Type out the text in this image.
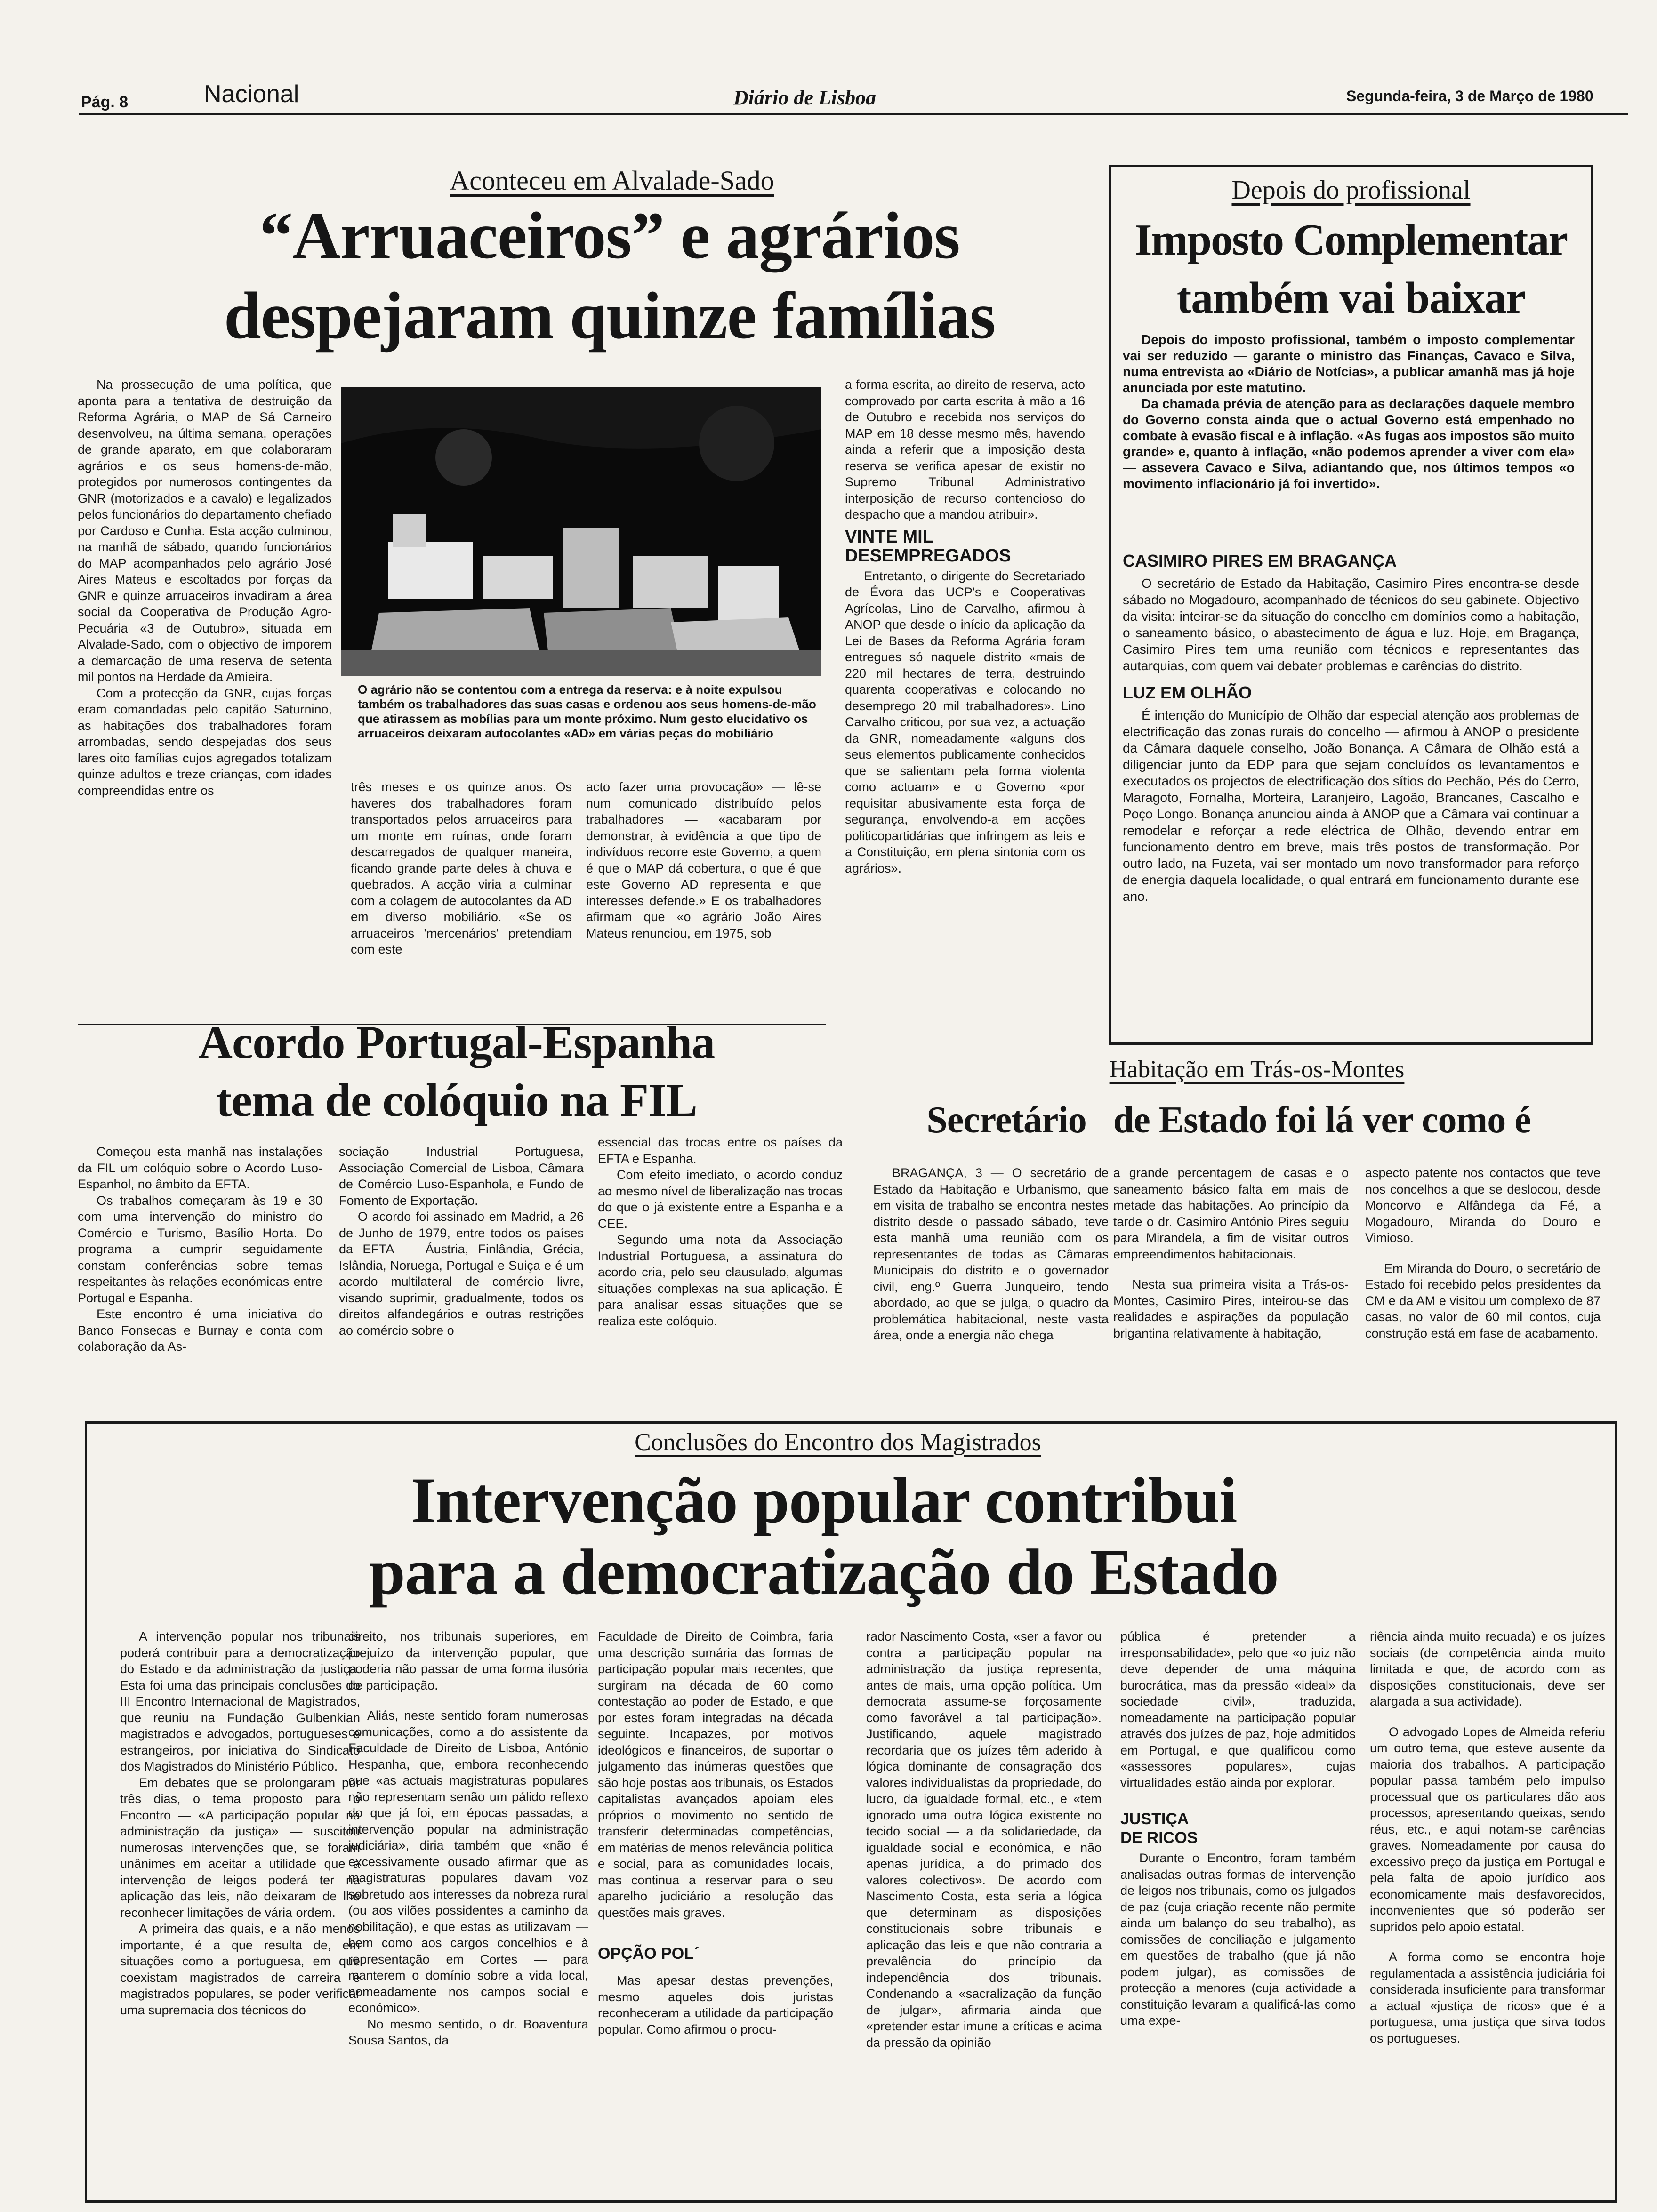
Pág. 8	Nacional	Diário de Lisboa	Segunda-feira, 3 de Março de 1980
Aconteceu em Alvalade-Sado
“Arruaceiros” e agrários
despejaram quinze famílias

Na prossecução de uma política, que aponta para a tentativa de destruição da Reforma Agrária, o MAP de Sá Carneiro desenvolveu, na última semana, operações de grande aparato, em que colaboraram agrários e os seus homens-de-mão, protegidos por numerosos contingentes da GNR (motorizados e a cavalo) e legalizados pelos funcionários do departamento chefiado por Cardoso e Cunha. Esta acção culminou, na manhã de sábado, quando funcionários do MAP acompanhados pelo agrário José Aires Mateus e escoltados por forças da GNR e quinze arruaceiros invadiram a área social da Cooperativa de Produção Agro-Pecuária «3 de Outubro», situada em Alvalade-Sado, com o objectivo de imporem a demarcação de uma reserva de setenta mil pontos na Herdade da Amieira.

Com a protecção da GNR, cujas forças eram comandadas pelo capitão Saturnino, as habitações dos trabalhadores foram arrombadas, sendo despejadas dos seus lares oito famílias cujos agregados totalizam quinze adultos e treze crianças, com idades compreendidas entre os

O agrário não se contentou com a entrega da reserva: e à noite expulsou também os trabalhadores das suas casas e ordenou aos seus homens-de-mão que atirassem as mobílias para um monte próximo. Num gesto elucidativo os arruaceiros deixaram autocolantes «AD» em várias peças do mobiliário

três meses e os quinze anos. Os haveres dos trabalhadores foram transportados pelos arruaceiros para um monte em ruínas, onde foram descarregados de qualquer maneira, ficando grande parte deles à chuva e quebrados. A acção viria a culminar com a colagem de autocolantes da AD em diverso mobiliário. «Se os arruaceiros 'mercenários' pretendiam com este

acto fazer uma provocação» — lê-se num comunicado distribuído pelos trabalhadores — «acabaram por demonstrar, à evidência a que tipo de indivíduos recorre este Governo, a quem é que o MAP dá cobertura, o que é que este Governo AD representa e que interesses defende.» E os trabalhadores afirmam que «o agrário João Aires Mateus renunciou, em 1975, sob

a forma escrita, ao direito de reserva, acto comprovado por carta escrita à mão a 16 de Outubro e recebida nos serviços do MAP em 18 desse mesmo mês, havendo ainda a referir que a imposição desta reserva se verifica apesar de existir no Supremo Tribunal Administrativo interposição de recurso contencioso do despacho que a mandou atribuir».

VINTE MIL DESEMPREGADOS

Entretanto, o dirigente do Secretariado de Évora das UCP's e Cooperativas Agrícolas, Lino de Carvalho, afirmou à ANOP que desde o início da aplicação da Lei de Bases da Reforma Agrária foram entregues só naquele distrito «mais de 220 mil hectares de terra, destruindo quarenta cooperativas e colocando no desemprego 20 mil trabalhadores». Lino Carvalho criticou, por sua vez, a actuação da GNR, nomeadamente «alguns dos seus elementos publicamente conhecidos que se salientam pela forma violenta como actuam» e o Governo «por requisitar abusivamente esta força de segurança, envolvendo-a em acções politicopartidárias que infringem as leis e a Constituição, em plena sintonia com os agrários».

Depois do profissional
Imposto Complementar
também vai baixar

Depois do imposto profissional, também o imposto complementar vai ser reduzido — garante o ministro das Finanças, Cavaco e Silva, numa entrevista ao «Diário de Notícias», a publicar amanhã mas já hoje anunciada por este matutino.

Da chamada prévia de atenção para as declarações daquele membro do Governo consta ainda que o actual Governo está empenhado no combate à evasão fiscal e à inflação. «As fugas aos impostos são muito grande» e, quanto à inflação, «não podemos aprender a viver com ela» — assevera Cavaco e Silva, adiantando que, nos últimos tempos «o movimento inflacionário já foi invertido».

CASIMIRO PIRES EM BRAGANÇA

O secretário de Estado da Habitação, Casimiro Pires encontra-se desde sábado no Mogadouro, acompanhado de técnicos do seu gabinete. Objectivo da visita: inteirar-se da situação do concelho em domínios como a habitação, o saneamento básico, o abastecimento de água e luz. Hoje, em Bragança, Casimiro Pires tem uma reunião com técnicos e representantes das autarquias, com quem vai debater problemas e carências do distrito.

LUZ EM OLHÃO

É intenção do Município de Olhão dar especial atenção aos problemas de electrificação das zonas rurais do concelho — afirmou à ANOP o presidente da Câmara daquele conselho, João Bonança. A Câmara de Olhão está a diligenciar junto da EDP para que sejam concluídos os levantamentos e executados os projectos de electrificação dos sítios do Pechão, Pés do Cerro, Maragoto, Fornalha, Morteira, Laranjeiro, Lagoão, Brancanes, Cascalho e Poço Longo. Bonança anunciou ainda à ANOP que a Câmara vai continuar a remodelar e reforçar a rede eléctrica de Olhão, devendo entrar em funcionamento dentro em breve, mais três postos de transformação. Por outro lado, na Fuzeta, vai ser montado um novo transformador para reforço de energia daquela localidade, o qual entrará em funcionamento durante ese ano.

Acordo Portugal-Espanha
tema de colóquio na FIL

Começou esta manhã nas instalações da FIL um colóquio sobre o Acordo Luso-Espanhol, no âmbito da EFTA.

Os trabalhos começaram às 19 e 30 com uma intervenção do ministro do Comércio e Turismo, Basílio Horta. Do programa a cumprir seguidamente constam conferências sobre temas respeitantes às relações económicas entre Portugal e Espanha.

Este encontro é uma iniciativa do Banco Fonsecas e Burnay e conta com colaboração da As-

sociação Industrial Portuguesa, Associação Comercial de Lisboa, Câmara de Comércio Luso-Espanhola, e Fundo de Fomento de Exportação.

O acordo foi assinado em Madrid, a 26 de Junho de 1979, entre todos os países da EFTA — Áustria, Finlândia, Grécia, Islândia, Noruega, Portugal e Suiça e é um acordo multilateral de comércio livre, visando suprimir, gradualmente, todos os direitos alfandegários e outras restrições ao comércio sobre o

essencial das trocas entre os países da EFTA e Espanha.

Com efeito imediato, o acordo conduz ao mesmo nível de liberalização nas trocas do que o já existente entre a Espanha e a CEE.

Segundo uma nota da Associação Industrial Portuguesa, a assinatura do acordo cria, pelo seu clausulado, algumas situações complexas na sua aplicação. É para analisar essas situações que se realiza este colóquio.

Habitação em Trás-os-Montes
Secretário   de Estado foi lá ver como é

BRAGANÇA, 3 — O secretário de Estado da Habitação e Urbanismo, que em visita de trabalho se encontra nestes distrito desde o passado sábado, teve esta manhã uma reunião com os representantes de todas as Câmaras Municipais do distrito e o governador civil, eng.º Guerra Junqueiro, tendo abordado, ao que se julga, o quadro da problemática habitacional, neste vasta área, onde a energia não chega

a grande percentagem de casas e o saneamento básico falta em mais de metade das habitações. Ao princípio da tarde o dr. Casimiro António Pires seguiu para Mirandela, a fim de visitar outros empreendimentos habitacionais.

Nesta sua primeira visita a Trás-os-Montes, Casimiro Pires, inteirou-se das realidades e aspirações da população brigantina relativamente à habitação,

aspecto patente nos contactos que teve nos concelhos a que se deslocou, desde Moncorvo e Alfândega da Fé, a Mogadouro, Miranda do Douro e Vimioso.

Em Miranda do Douro, o secretário de Estado foi recebido pelos presidentes da CM e da AM e visitou um complexo de 87 casas, no valor de 60 mil contos, cuja construção está em fase de acabamento.

Conclusões do Encontro dos Magistrados
Intervenção popular contribui
para a democratização do Estado

A intervenção popular nos tribunais poderá contribuir para a democratização do Estado e da administração da justiça. Esta foi uma das principais conclusões do III Encontro Internacional de Magistrados, que reuniu na Fundação Gulbenkian magistrados e advogados, portugueses e estrangeiros, por iniciativa do Sindicato dos Magistrados do Ministério Público.

Em debates que se prolongaram por três dias, o tema proposto para o Encontro — «A participação popular na administração da justiça» — suscitou numerosas intervenções que, se foram unânimes em aceitar a utilidade que a intervenção de leigos poderá ter na aplicação das leis, não deixaram de lhe reconhecer limitações de vária ordem.

A primeira das quais, e a não menos importante, é a que resulta de, em situações como a portuguesa, em que coexistam magistrados de carreira e magistrados populares, se poder verificar uma supremacia dos técnicos do

direito, nos tribunais superiores, em prejuízo da intervenção popular, que poderia não passar de uma forma ilusória de participação.

Aliás, neste sentido foram numerosas comunicações, como a do assistente da Faculdade de Direito de Lisboa, António Hespanha, que, embora reconhecendo que «as actuais magistraturas populares não representam senão um pálido reflexo do que já foi, em épocas passadas, a intervenção popular na administração judiciária», diria também que «não é excessivamente ousado afirmar que as magistraturas populares davam voz sobretudo aos interesses da nobreza rural (ou aos vilões possidentes a caminho da nobilitação), e que estas as utilizavam — bem como aos cargos concelhios e à representação em Cortes — para manterem o domínio sobre a vida local, nomeadamente nos campos social e económico».

No mesmo sentido, o dr. Boaventura Sousa Santos, da

Faculdade de Direito de Coimbra, faria uma descrição sumária das formas de participação popular mais recentes, que surgiram na década de 60 como contestação ao poder de Estado, e que por estes foram integradas na década seguinte. Incapazes, por motivos ideológicos e financeiros, de suportar o julgamento das inúmeras questões que são hoje postas aos tribunais, os Estados capitalistas avançados apoiam eles próprios o movimento no sentido de transferir determinadas competências, em matérias de menos relevância política e social, para as comunidades locais, mas continua a reservar para o seu aparelho judiciário a resolução das questões mais graves.

OPÇÃO POL´

Mas apesar destas prevenções, mesmo aqueles dois juristas reconheceram a utilidade da participação popular. Como afirmou o procu-

rador Nascimento Costa, «ser a favor ou contra a participação popular na administração da justiça representa, antes de mais, uma opção política. Um democrata assume-se forçosamente como favorável a tal participação». Justificando, aquele magistrado recordaria que os juízes têm aderido à lógica dominante de consagração dos valores individualistas da propriedade, do lucro, da igualdade formal, etc., e «tem ignorado uma outra lógica existente no tecido social — a da solidariedade, da igualdade social e económica, e não apenas jurídica, a do primado dos valores colectivos». De acordo com Nascimento Costa, esta seria a lógica que determinam as disposições constitucionais sobre tribunais e aplicação das leis e que não contraria a prevalência do princípio da independência dos tribunais. Condenando a «sacralização da função de julgar», afirmaria ainda que «pretender estar imune a críticas e acima da pressão da opinião

pública é pretender a irresponsabilidade», pelo que «o juiz não deve depender de uma máquina burocrática, mas da pressão «ideal» da sociedade civil», traduzida, nomeadamente na participação popular através dos juízes de paz, hoje admitidos em Portugal, e que qualificou como «assessores populares», cujas virtualidades estão ainda por explorar.

JUSTIÇA DE RICOS

Durante o Encontro, foram também analisadas outras formas de intervenção de leigos nos tribunais, como os julgados de paz (cuja criação recente não permite ainda um balanço do seu trabalho), as comissões de conciliação e julgamento em questões de trabalho (que já não podem julgar), as comissões de protecção a menores (cuja actividade a constituição levaram a qualificá-las como uma expe-

riência ainda muito recuada) e os juízes sociais (de competência ainda muito limitada e que, de acordo com as disposições constitucionais, deve ser alargada a sua actividade).

O advogado Lopes de Almeida referiu um outro tema, que esteve ausente da maioria dos trabalhos. A participação popular passa também pelo impulso processual que os particulares dão aos processos, apresentando queixas, sendo réus, etc., e aqui notam-se carências graves. Nomeadamente por causa do excessivo preço da justiça em Portugal e pela falta de apoio jurídico aos economicamente mais desfavorecidos, inconvenientes que só poderão ser supridos pelo apoio estatal.

A forma como se encontra hoje regulamentada a assistência judiciária foi considerada insuficiente para transformar a actual «justiça de ricos» que é a portuguesa, uma justiça que sirva todos os portugueses.
